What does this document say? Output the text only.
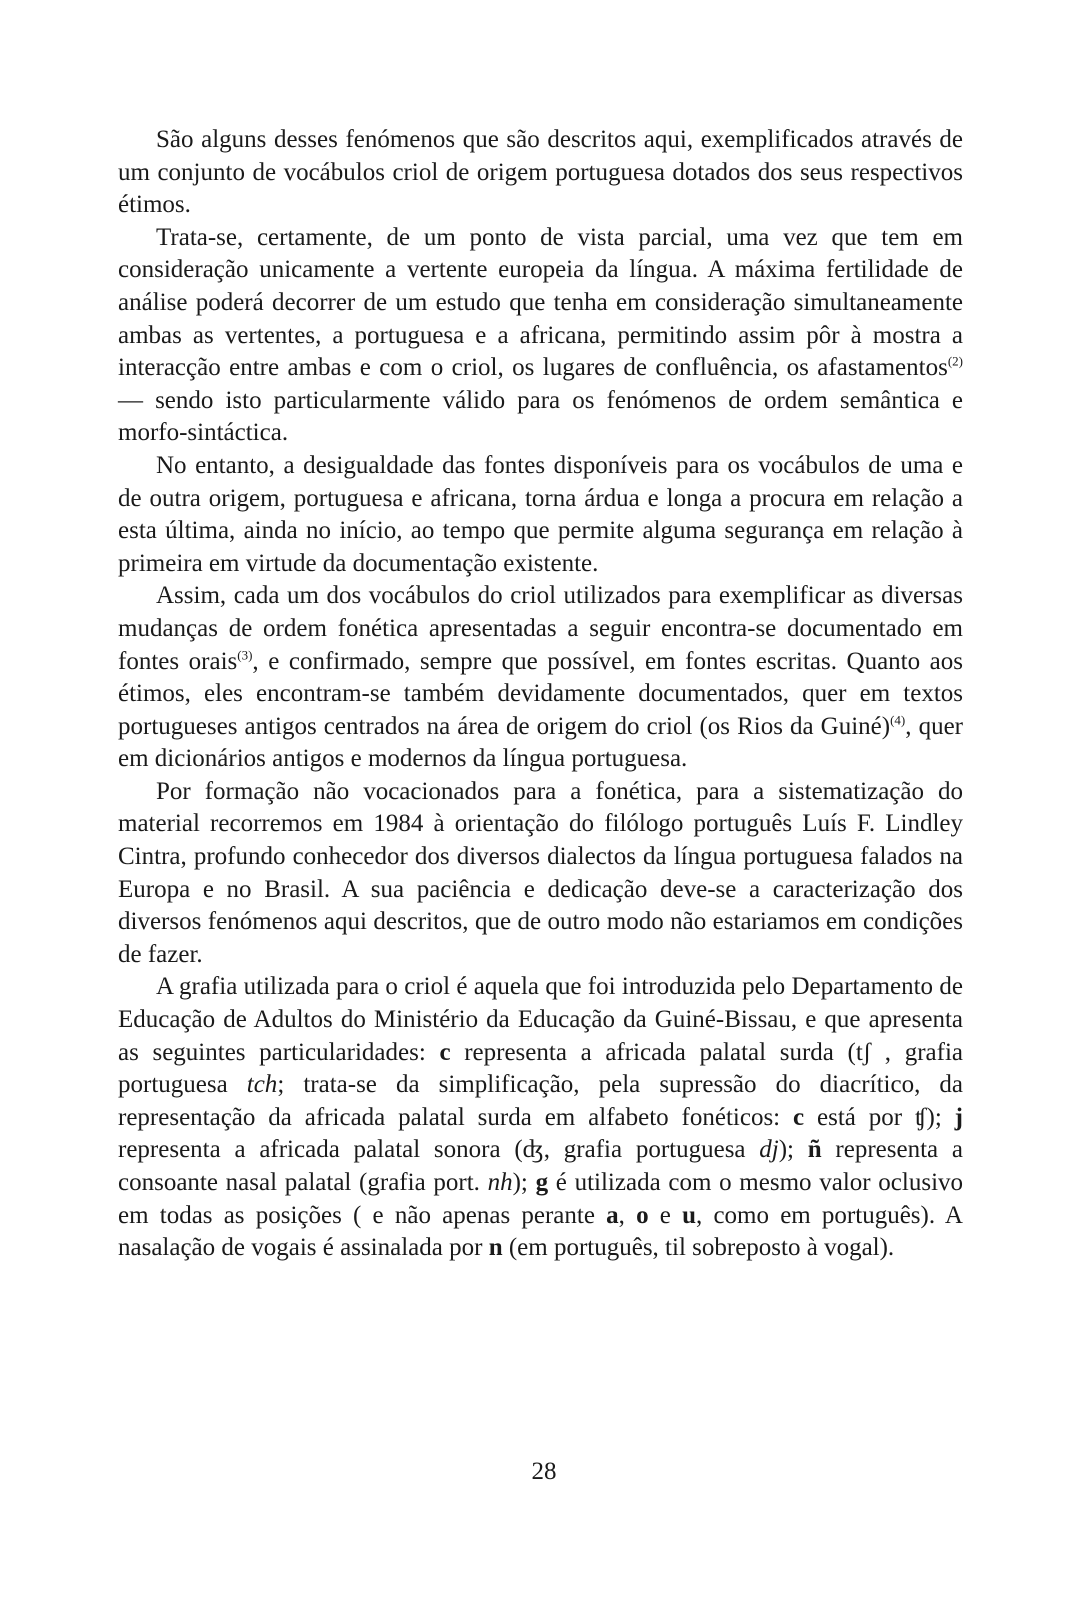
São alguns desses fenómenos que são descritos aqui, exemplificados através de um conjunto de vocábulos criol de origem portuguesa dotados dos seus respectivos étimos.

Trata-se, certamente, de um ponto de vista parcial, uma vez que tem em consideração unicamente a vertente europeia da língua. A máxima fertilidade de análise poderá decorrer de um estudo que tenha em consideração simultaneamente ambas as vertentes, a portuguesa e a africana, permitindo assim pôr à mostra a interacção entre ambas e com o criol, os lugares de confluência, os afastamentos$^{(2)}$ — sendo isto particularmente válido para os fenómenos de ordem semântica e morfo-sintáctica.

No entanto, a desigualdade das fontes disponíveis para os vocábulos de uma e de outra origem, portuguesa e africana, torna árdua e longa a procura em relação a esta última, ainda no início, ao tempo que permite alguma segurança em relação à primeira em virtude da documentação existente.

Assim, cada um dos vocábulos do criol utilizados para exemplificar as diversas mudanças de ordem fonética apresentadas a seguir encontra-se documentado em fontes orais$^{(3)}$, e confirmado, sempre que possível, em fontes escritas. Quanto aos étimos, eles encontram-se também devidamente documentados, quer em textos portugueses antigos centrados na área de origem do criol (os Rios da Guiné)$^{(4)}$, quer em dicionários antigos e modernos da língua portuguesa.

Por formação não vocacionados para a fonética, para a sistematização do material recorremos em 1984 à orientação do filólogo português Luís F. Lindley Cintra, profundo conhecedor dos diversos dialectos da língua portuguesa falados na Europa e no Brasil. A sua paciência e dedicação deve-se a caracterização dos diversos fenómenos aqui descritos, que de outro modo não estariamos em condições de fazer.

A grafia utilizada para o criol é aquela que foi introduzida pelo Departamento de Educação de Adultos do Ministério da Educação da Guiné-Bissau, e que apresenta as seguintes particularidades: c representa a africada palatal surda (tʃ , grafia portuguesa tch; trata-se da simplificação, pela supressão do diacrítico, da representação da africada palatal surda em alfabeto fonéticos: c está por ʧ); j representa a africada palatal sonora (ʤ, grafia portuguesa dj); ñ representa a consoante nasal palatal (grafia port. nh); g é utilizada com o mesmo valor oclusivo em todas as posições ( e não apenas perante a, o e u, como em português). A nasalação de vogais é assinalada por n (em português, til sobreposto à vogal).

28
